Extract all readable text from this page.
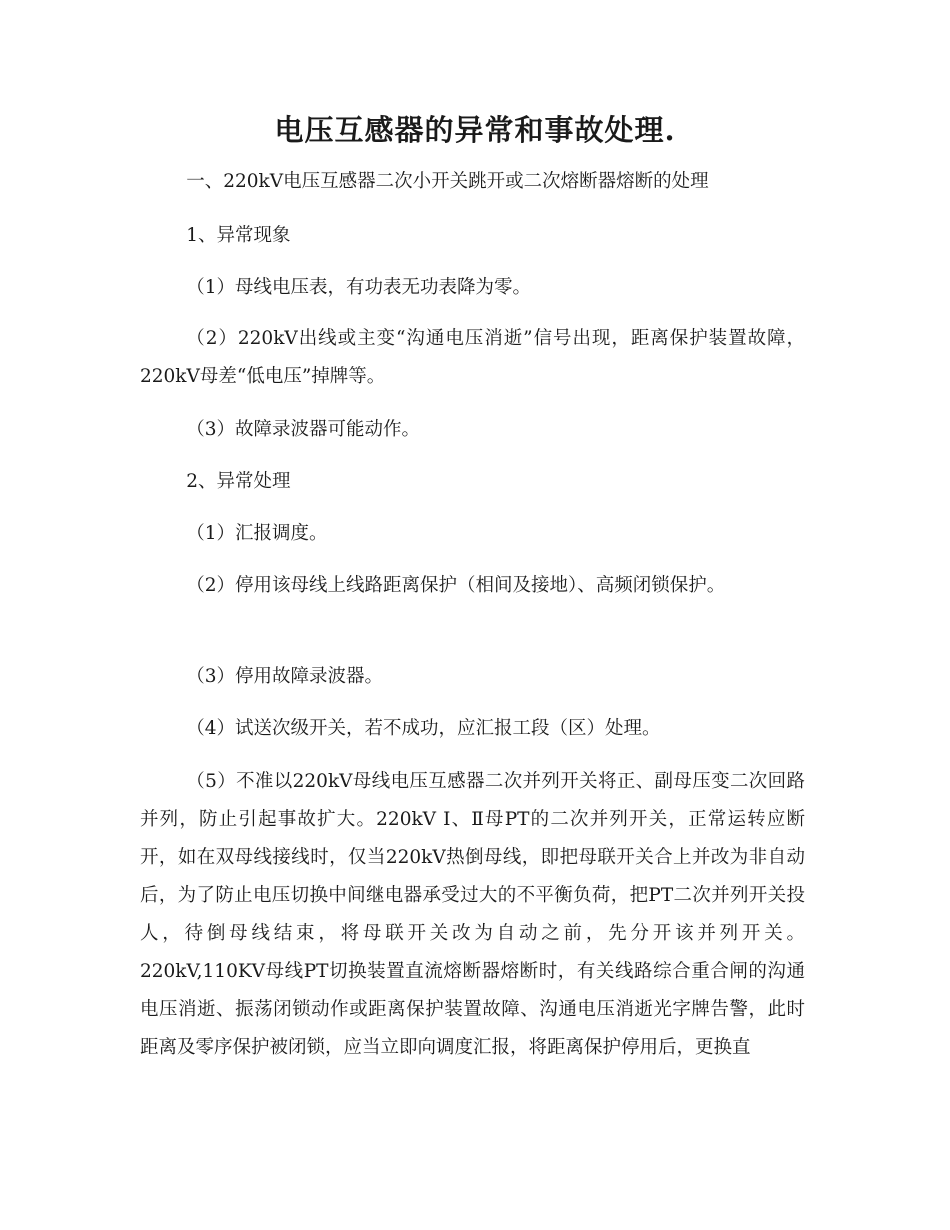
电压互感器的异常和事故处理.

一、220kV电压互感器二次小开关跳开或二次熔断器熔断的处理

1、异常现象

（1）母线电压表，有功表无功表降为零。

（2）220kV出线或主变“沟通电压消逝”信号出现，距离保护装置故障，220kV母差“低电压”掉牌等。

（3）故障录波器可能动作。

2、异常处理

（1）汇报调度。

（2）停用该母线上线路距离保护（相间及接地）、高频闭锁保护。

（3）停用故障录波器。

（4）试送次级开关，若不成功，应汇报工段（区）处理。

（5）不准以220kV母线电压互感器二次并列开关将正、副母压变二次回路并列，防止引起事故扩大。220kV Ⅰ、Ⅱ母PT的二次并列开关，正常运转应断开，如在双母线接线时，仅当220kV热倒母线，即把母联开关合上并改为非自动后，为了防止电压切换中间继电器承受过大的不平衡负荷，把PT二次并列开关投人，待倒母线结束，将母联开关改为自动之前，先分开该并列开关。220kV,110KV母线PT切换装置直流熔断器熔断时，有关线路综合重合闸的沟通电压消逝、振荡闭锁动作或距离保护装置故障、沟通电压消逝光字牌告警，此时距离及零序保护被闭锁，应当立即向调度汇报，将距离保护停用后，更换直
